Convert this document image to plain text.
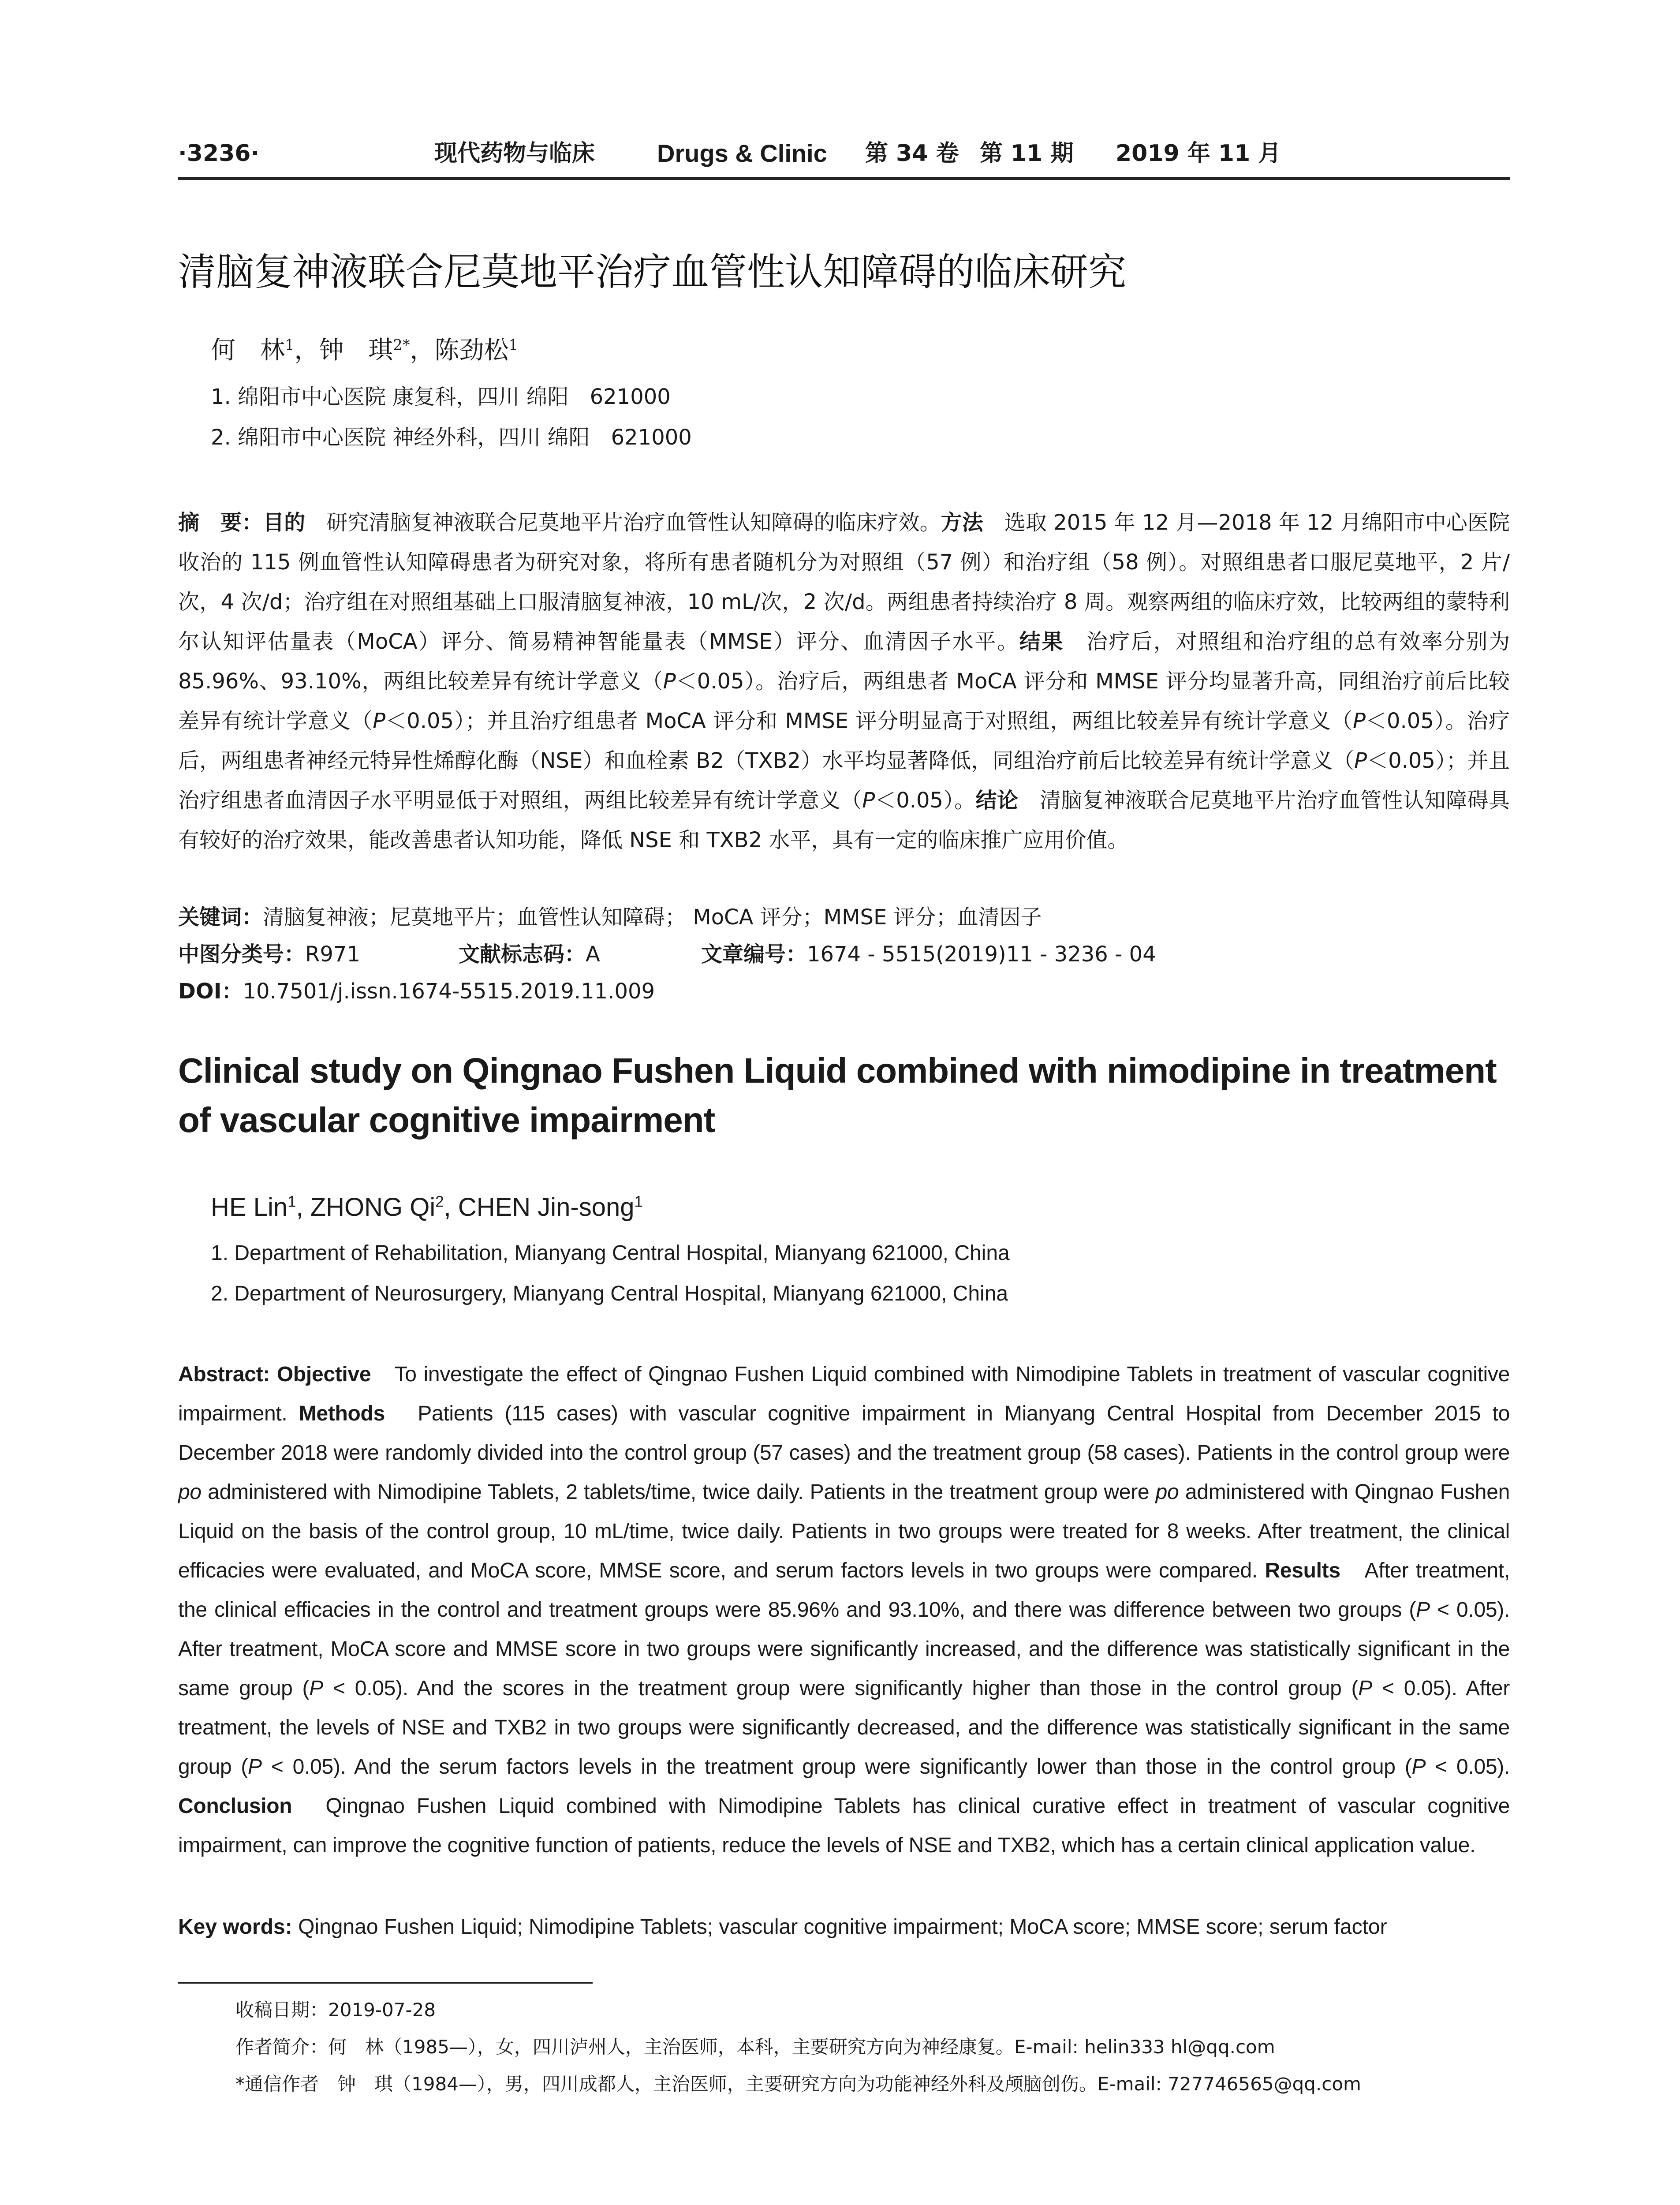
·3236·	现代药物与临床	Drugs & Clinic 第 34 卷 第 11 期 2019 年 11 月
清脑复神液联合尼莫地平治疗血管性认知障碍的临床研究
何　林$^1$，钟　琪$^{2*}$，陈劲松$^1$
1. 绵阳市中心医院 康复科，四川 绵阳　621000
2. 绵阳市中心医院 神经外科，四川 绵阳　621000

摘　要：目的　研究清脑复神液联合尼莫地平片治疗血管性认知障碍的临床疗效。方法　选取 2015 年 12 月—2018 年 12 月绵阳市中心医院收治的 115 例血管性认知障碍患者为研究对象，将所有患者随机分为对照组（57 例）和治疗组（58 例）。对照组患者口服尼莫地平，2 片/次，4 次/d；治疗组在对照组基础上口服清脑复神液，10 mL/次，2 次/d。两组患者持续治疗 8 周。观察两组的临床疗效，比较两组的蒙特利尔认知评估量表（MoCA）评分、简易精神智能量表（MMSE）评分、血清因子水平。结果　治疗后，对照组和治疗组的总有效率分别为 85.96%、93.10%，两组比较差异有统计学意义（P＜0.05）。治疗后，两组患者 MoCA 评分和 MMSE 评分均显著升高，同组治疗前后比较差异有统计学意义（P＜0.05）；并且治疗组患者 MoCA 评分和 MMSE 评分明显高于对照组，两组比较差异有统计学意义（P＜0.05）。治疗后，两组患者神经元特异性烯醇化酶（NSE）和血栓素 B2（TXB2）水平均显著降低，同组治疗前后比较差异有统计学意义（P＜0.05）；并且治疗组患者血清因子水平明显低于对照组，两组比较差异有统计学意义（P＜0.05）。结论　清脑复神液联合尼莫地平片治疗血管性认知障碍具有较好的治疗效果，能改善患者认知功能，降低 NSE 和 TXB2 水平，具有一定的临床推广应用价值。

关键词：清脑复神液；尼莫地平片；血管性认知障碍； MoCA 评分；MMSE 评分；血清因子
中图分类号：R971	文献标志码：A	文章编号：1674 - 5515(2019)11 - 3236 - 04
DOI：10.7501/j.issn.1674-5515.2019.11.009
Clinical study on Qingnao Fushen Liquid combined with nimodipine in treatment of vascular cognitive impairment
HE Lin$^1$, ZHONG Qi$^2$, CHEN Jin-song$^1$
1. Department of Rehabilitation, Mianyang Central Hospital, Mianyang 621000, China
2. Department of Neurosurgery, Mianyang Central Hospital, Mianyang 621000, China

Abstract: Objective　To investigate the effect of Qingnao Fushen Liquid combined with Nimodipine Tablets in treatment of vascular cognitive impairment. Methods　Patients (115 cases) with vascular cognitive impairment in Mianyang Central Hospital from December 2015 to December 2018 were randomly divided into the control group (57 cases) and the treatment group (58 cases). Patients in the control group were po administered with Nimodipine Tablets, 2 tablets/time, twice daily. Patients in the treatment group were po administered with Qingnao Fushen Liquid on the basis of the control group, 10 mL/time, twice daily. Patients in two groups were treated for 8 weeks. After treatment, the clinical efficacies were evaluated, and MoCA score, MMSE score, and serum factors levels in two groups were compared. Results　After treatment, the clinical efficacies in the control and treatment groups were 85.96% and 93.10%, and there was difference between two groups (P < 0.05). After treatment, MoCA score and MMSE score in two groups were significantly increased, and the difference was statistically significant in the same group (P < 0.05). And the scores in the treatment group were significantly higher than those in the control group (P < 0.05). After treatment, the levels of NSE and TXB2 in two groups were significantly decreased, and the difference was statistically significant in the same group (P < 0.05). And the serum factors levels in the treatment group were significantly lower than those in the control group (P < 0.05). Conclusion　Qingnao Fushen Liquid combined with Nimodipine Tablets has clinical curative effect in treatment of vascular cognitive impairment, can improve the cognitive function of patients, reduce the levels of NSE and TXB2, which has a certain clinical application value.

Key words: Qingnao Fushen Liquid; Nimodipine Tablets; vascular cognitive impairment; MoCA score; MMSE score; serum factor
收稿日期：2019-07-28
作者简介：何　林（1985—），女，四川泸州人，主治医师，本科，主要研究方向为神经康复。E-mail: helin333 hl@qq.com
*通信作者　钟　琪（1984—），男，四川成都人，主治医师，主要研究方向为功能神经外科及颅脑创伤。E-mail: 727746565@qq.com
